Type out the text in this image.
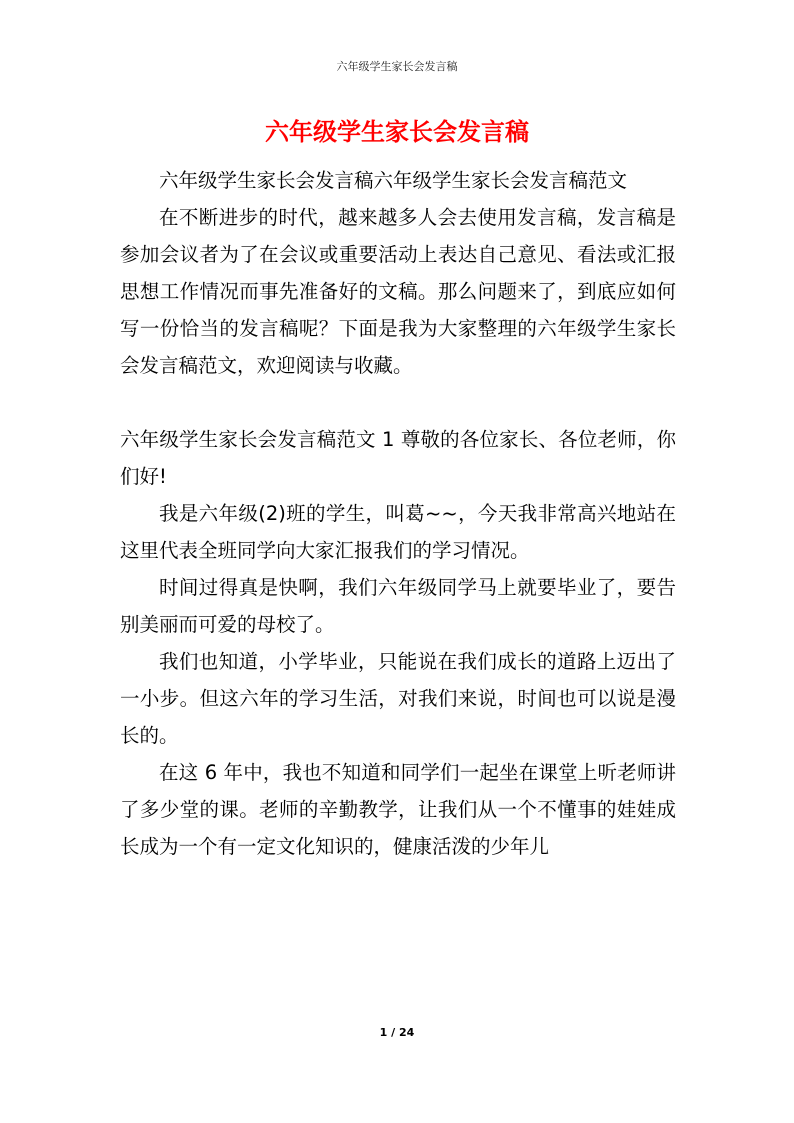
六年级学生家长会发言稿
六年级学生家长会发言稿

六年级学生家长会发言稿六年级学生家长会发言稿范文

在不断进步的时代，越来越多人会去使用发言稿，发言稿是参加会议者为了在会议或重要活动上表达自己意见、看法或汇报思想工作情况而事先准备好的文稿。那么问题来了，到底应如何写一份恰当的发言稿呢？下面是我为大家整理的六年级学生家长会发言稿范文，欢迎阅读与收藏。

六年级学生家长会发言稿范文 1 尊敬的各位家长、各位老师，你们好!

我是六年级(2)班的学生，叫葛~~，今天我非常高兴地站在这里代表全班同学向大家汇报我们的学习情况。

时间过得真是快啊，我们六年级同学马上就要毕业了，要告别美丽而可爱的母校了。

我们也知道，小学毕业，只能说在我们成长的道路上迈出了一小步。但这六年的学习生活，对我们来说，时间也可以说是漫长的。

在这 6 年中，我也不知道和同学们一起坐在课堂上听老师讲了多少堂的课。老师的辛勤教学，让我们从一个不懂事的娃娃成长成为一个有一定文化知识的，健康活泼的少年儿

1 / 24
